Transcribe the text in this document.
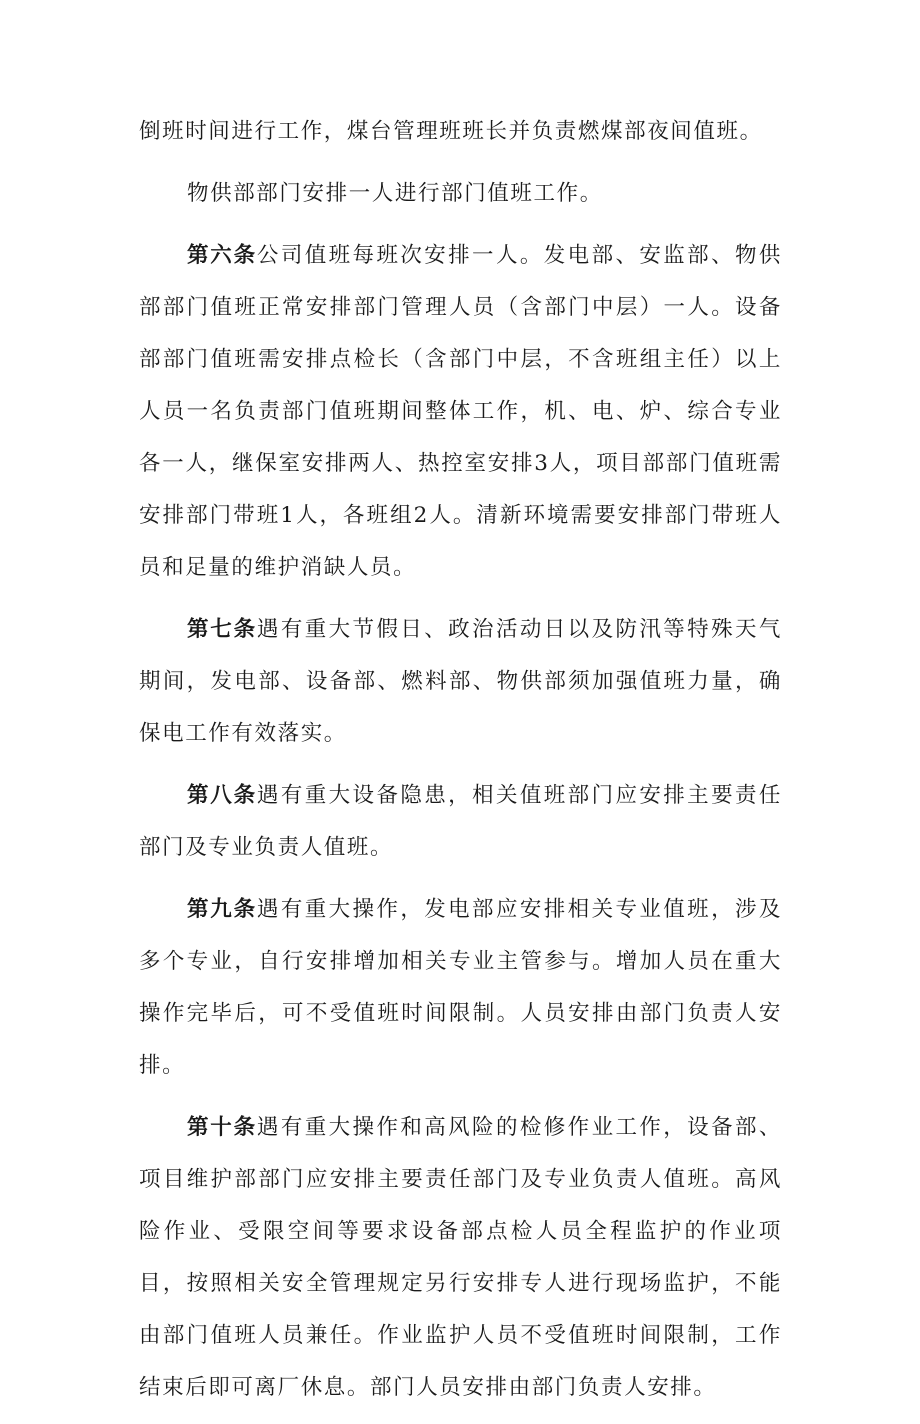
倒班时间进行工作，煤台管理班班长并负责燃煤部夜间值班。

物供部部门安排一人进行部门值班工作。

第六条公司值班每班次安排一人。发电部、安监部、物供部部门值班正常安排部门管理人员（含部门中层）一人。设备部部门值班需安排点检长（含部门中层，不含班组主任）以上人员一名负责部门值班期间整体工作，机、电、炉、综合专业各一人，继保室安排两人、热控室安排3人，项目部部门值班需安排部门带班1人，各班组2人。清新环境需要安排部门带班人员和足量的维护消缺人员。

第七条遇有重大节假日、政治活动日以及防汛等特殊天气期间，发电部、设备部、燃料部、物供部须加强值班力量，确保电工作有效落实。

第八条遇有重大设备隐患，相关值班部门应安排主要责任部门及专业负责人值班。

第九条遇有重大操作，发电部应安排相关专业值班，涉及多个专业，自行安排增加相关专业主管参与。增加人员在重大操作完毕后，可不受值班时间限制。人员安排由部门负责人安排。

第十条遇有重大操作和高风险的检修作业工作，设备部、项目维护部部门应安排主要责任部门及专业负责人值班。高风险作业、受限空间等要求设备部点检人员全程监护的作业项目，按照相关安全管理规定另行安排专人进行现场监护，不能由部门值班人员兼任。作业监护人员不受值班时间限制，工作结束后即可离厂休息。部门人员安排由部门负责人安排。
